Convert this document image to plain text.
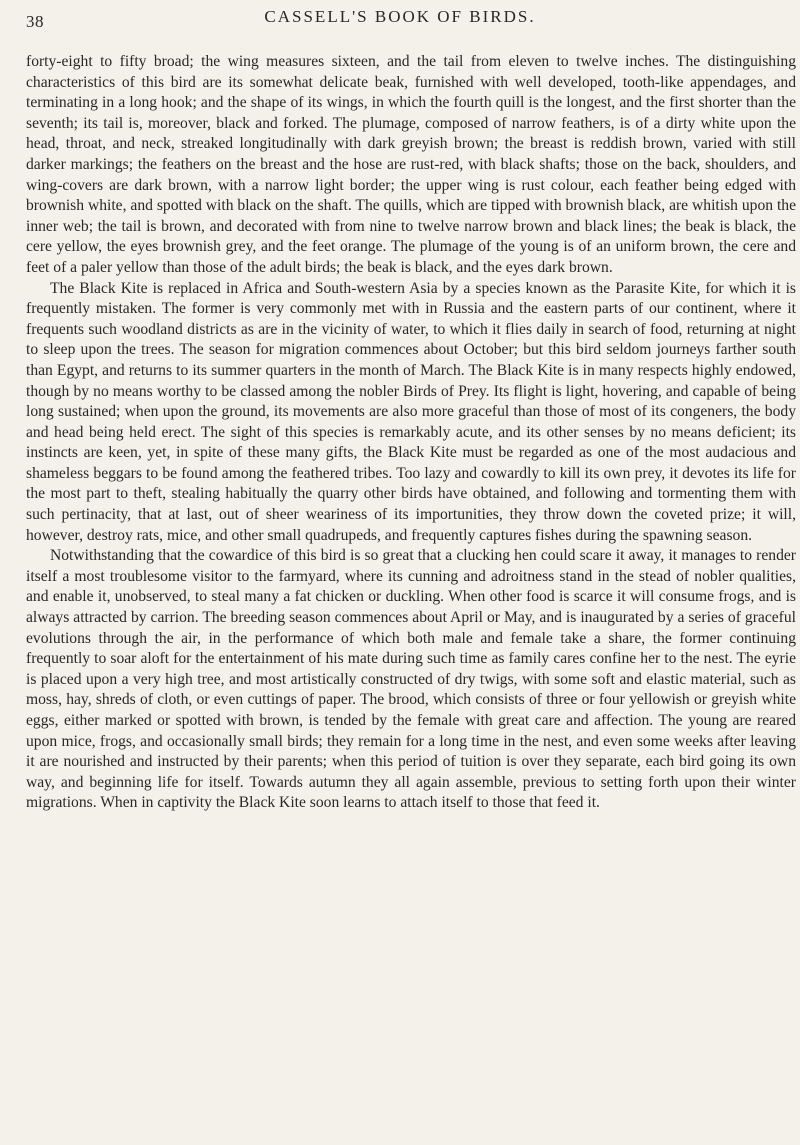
38	CASSELL'S BOOK OF BIRDS.

forty-eight to fifty broad; the wing measures sixteen, and the tail from eleven to twelve inches. The distinguishing characteristics of this bird are its somewhat delicate beak, furnished with well developed, tooth-like appendages, and terminating in a long hook; and the shape of its wings, in which the fourth quill is the longest, and the first shorter than the seventh; its tail is, moreover, black and forked. The plumage, composed of narrow feathers, is of a dirty white upon the head, throat, and neck, streaked longitudinally with dark greyish brown; the breast is reddish brown, varied with still darker markings; the feathers on the breast and the hose are rust-red, with black shafts; those on the back, shoulders, and wing-covers are dark brown, with a narrow light border; the upper wing is rust colour, each feather being edged with brownish white, and spotted with black on the shaft. The quills, which are tipped with brownish black, are whitish upon the inner web; the tail is brown, and decorated with from nine to twelve narrow brown and black lines; the beak is black, the cere yellow, the eyes brownish grey, and the feet orange. The plumage of the young is of an uniform brown, the cere and feet of a paler yellow than those of the adult birds; the beak is black, and the eyes dark brown.

The Black Kite is replaced in Africa and South-western Asia by a species known as the Parasite Kite, for which it is frequently mistaken. The former is very commonly met with in Russia and the eastern parts of our continent, where it frequents such woodland districts as are in the vicinity of water, to which it flies daily in search of food, returning at night to sleep upon the trees. The season for migration commences about October; but this bird seldom journeys farther south than Egypt, and returns to its summer quarters in the month of March. The Black Kite is in many respects highly endowed, though by no means worthy to be classed among the nobler Birds of Prey. Its flight is light, hovering, and capable of being long sustained; when upon the ground, its movements are also more graceful than those of most of its congeners, the body and head being held erect. The sight of this species is remarkably acute, and its other senses by no means deficient; its instincts are keen, yet, in spite of these many gifts, the Black Kite must be regarded as one of the most audacious and shameless beggars to be found among the feathered tribes. Too lazy and cowardly to kill its own prey, it devotes its life for the most part to theft, stealing habitually the quarry other birds have obtained, and following and tormenting them with such pertinacity, that at last, out of sheer weariness of its importunities, they throw down the coveted prize; it will, however, destroy rats, mice, and other small quadrupeds, and frequently captures fishes during the spawning season.

Notwithstanding that the cowardice of this bird is so great that a clucking hen could scare it away, it manages to render itself a most troublesome visitor to the farmyard, where its cunning and adroitness stand in the stead of nobler qualities, and enable it, unobserved, to steal many a fat chicken or duckling. When other food is scarce it will consume frogs, and is always attracted by carrion. The breeding season commences about April or May, and is inaugurated by a series of graceful evolutions through the air, in the performance of which both male and female take a share, the former continuing frequently to soar aloft for the entertainment of his mate during such time as family cares confine her to the nest. The eyrie is placed upon a very high tree, and most artistically constructed of dry twigs, with some soft and elastic material, such as moss, hay, shreds of cloth, or even cuttings of paper. The brood, which consists of three or four yellowish or greyish white eggs, either marked or spotted with brown, is tended by the female with great care and affection. The young are reared upon mice, frogs, and occasionally small birds; they remain for a long time in the nest, and even some weeks after leaving it are nourished and instructed by their parents; when this period of tuition is over they separate, each bird going its own way, and beginning life for itself. Towards autumn they all again assemble, previous to setting forth upon their winter migrations. When in captivity the Black Kite soon learns to attach itself to those that feed it.
